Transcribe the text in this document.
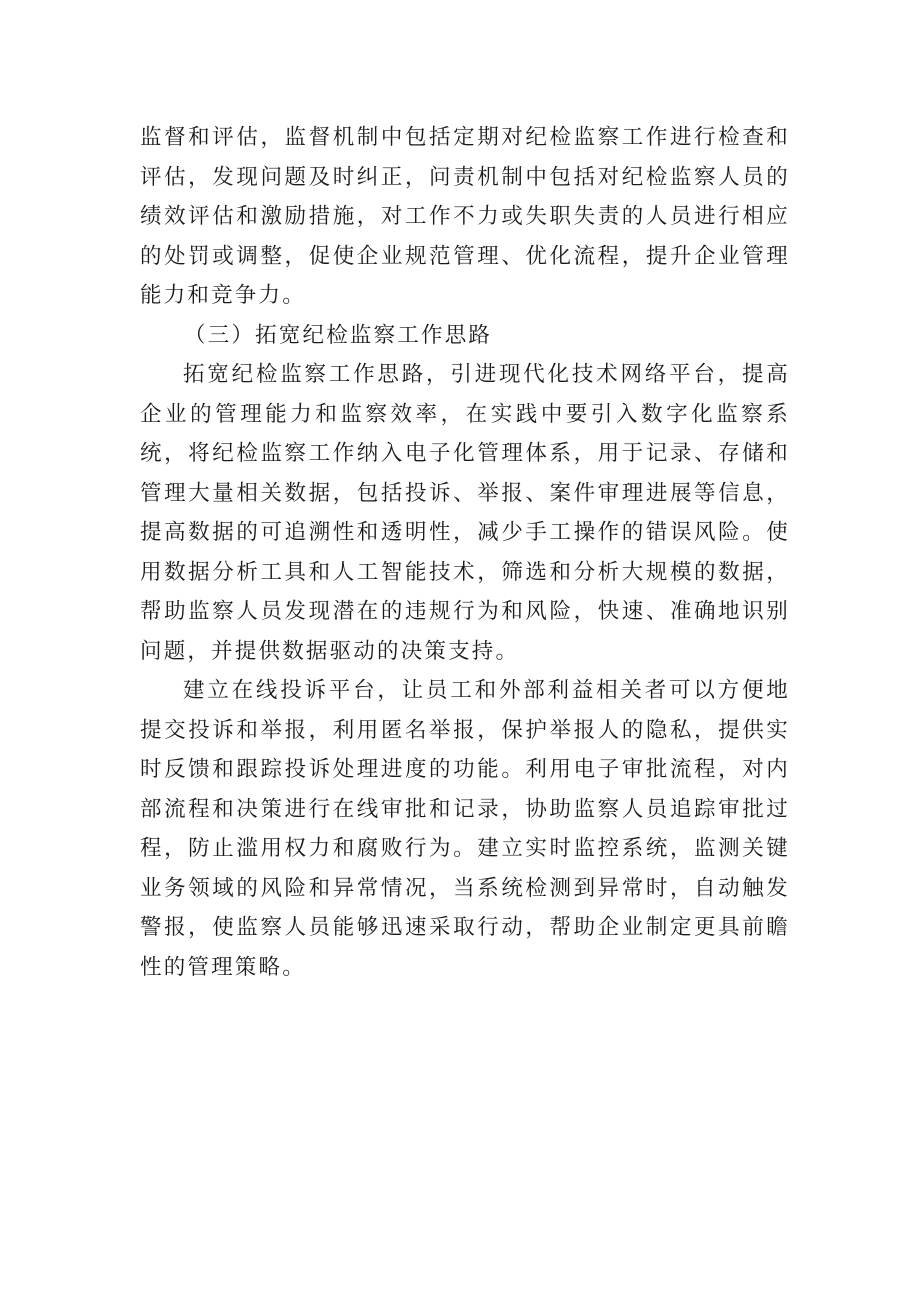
监督和评估，监督机制中包括定期对纪检监察工作进行检查和评估，发现问题及时纠正，问责机制中包括对纪检监察人员的绩效评估和激励措施，对工作不力或失职失责的人员进行相应的处罚或调整，促使企业规范管理、优化流程，提升企业管理能力和竞争力。

（三）拓宽纪检监察工作思路

拓宽纪检监察工作思路，引进现代化技术网络平台，提高企业的管理能力和监察效率，在实践中要引入数字化监察系统，将纪检监察工作纳入电子化管理体系，用于记录、存储和管理大量相关数据，包括投诉、举报、案件审理进展等信息，提高数据的可追溯性和透明性，减少手工操作的错误风险。使用数据分析工具和人工智能技术，筛选和分析大规模的数据，帮助监察人员发现潜在的违规行为和风险，快速、准确地识别问题，并提供数据驱动的决策支持。

建立在线投诉平台，让员工和外部利益相关者可以方便地提交投诉和举报，利用匿名举报，保护举报人的隐私，提供实时反馈和跟踪投诉处理进度的功能。利用电子审批流程，对内部流程和决策进行在线审批和记录，协助监察人员追踪审批过程，防止滥用权力和腐败行为。建立实时监控系统，监测关键业务领域的风险和异常情况，当系统检测到异常时，自动触发警报，使监察人员能够迅速采取行动，帮助企业制定更具前瞻性的管理策略。
